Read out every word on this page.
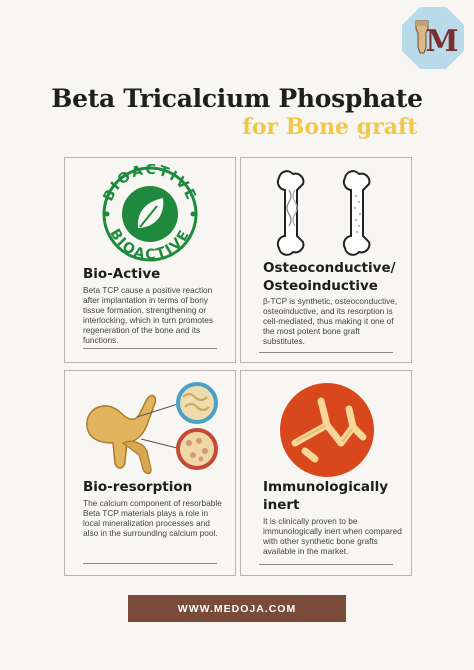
M
Beta Tricalcium Phosphate
for Bone graft
BIOACTIVE
BIOACTIVE
Bio-Active

Beta TCP cause a positive reaction after implantation in terms of bony tissue formation, strengthening or interlocking, which in turn promotes regeneration of the bone and its functions.

Osteoconductive/ Osteoinductive

β-TCP is synthetic, osteoconductive, osteoinductive, and its resorption is cell-mediated, thus making it one of the most potent bone graft substitutes.

Bio-resorption

The calcium component of resorbable Beta TCP materials plays a role in local mineralization processes and also in the surrounding calcium pool.

Immunologically inert

It is clinically proven to be immunologically inert when compared with other synthetic bone grafts available in the market.

WWW.MEDOJA.COM
